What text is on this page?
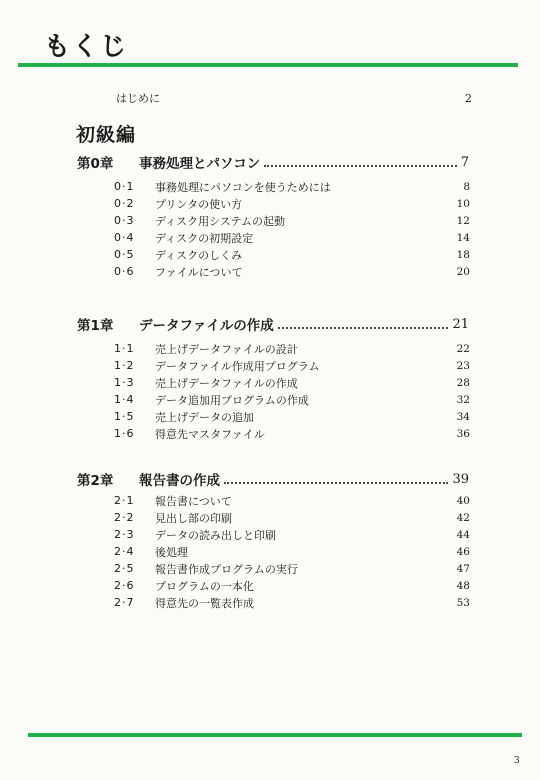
もくじ
はじめに	2
初級編
第0章	事務処理とパソコン	7
0·1	事務処理にパソコンを使うためには	8
0·2	プリンタの使い方	10
0·3	ディスク用システムの起動	12
0·4	ディスクの初期設定	14
0·5	ディスクのしくみ	18
0·6	ファイルについて	20
第1章	データファイルの作成	21
1·1	売上げデータファイルの設計	22
1·2	データファイル作成用プログラム	23
1·3	売上げデータファイルの作成	28
1·4	データ追加用プログラムの作成	32
1·5	売上げデータの追加	34
1·6	得意先マスタファイル	36
第2章	報告書の作成	39
2·1	報告書について	40
2·2	見出し部の印刷	42
2·3	データの読み出しと印刷	44
2·4	後処理	46
2·5	報告書作成プログラムの実行	47
2·6	プログラムの一本化	48
2·7	得意先の一覧表作成	53
3
